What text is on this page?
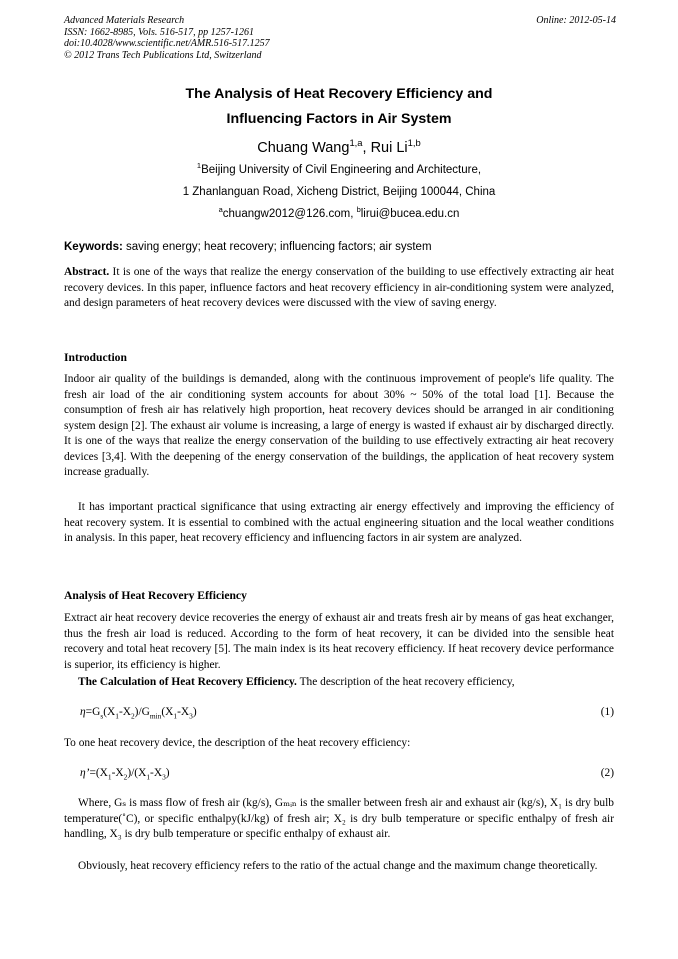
Advanced Materials Research	Online: 2012-05-14
ISSN: 1662-8985, Vols. 516-517, pp 1257-1261
doi:10.4028/www.scientific.net/AMR.516-517.1257
© 2012 Trans Tech Publications Ltd, Switzerland
The Analysis of Heat Recovery Efficiency and
Influencing Factors in Air System
Chuang Wang$^{1,a}$, Rui Li$^{1,b}$
$^1$Beijing University of Civil Engineering and Architecture,
1 Zhanlanguan Road, Xicheng District, Beijing 100044, China
$^a$chuangw2012@126.com, $^b$lirui@bucea.edu.cn
Keywords: saving energy; heat recovery; influencing factors; air system
Abstract. It is one of the ways that realize the energy conservation of the building to use effectively extracting air heat recovery devices. In this paper, influence factors and heat recovery efficiency in air-conditioning system were analyzed, and design parameters of heat recovery devices were discussed with the view of saving energy.
Introduction
Indoor air quality of the buildings is demanded, along with the continuous improvement of people's life quality. The fresh air load of the air conditioning system accounts for about 30% ~ 50% of the total load [1]. Because the consumption of fresh air has relatively high proportion, heat recovery devices should be arranged in air conditioning system design [2]. The exhaust air volume is increasing, a large of energy is wasted if exhaust air by discharged directly. It is one of the ways that realize the energy conservation of the building to use effectively extracting air heat recovery devices [3,4]. With the deepening of the energy conservation of the buildings, the application of heat recovery system increase gradually.
It has important practical significance that using extracting air energy effectively and improving the efficiency of heat recovery system. It is essential to combined with the actual engineering situation and the local weather conditions in analysis. In this paper, heat recovery efficiency and influencing factors in air system are analyzed.
Analysis of Heat Recovery Efficiency
Extract air heat recovery device recoveries the energy of exhaust air and treats fresh air by means of gas heat exchanger, thus the fresh air load is reduced. According to the form of heat recovery, it can be divided into the sensible heat recovery and total heat recovery [5]. The main index is its heat recovery efficiency. If heat recovery device performance is superior, its efficiency is higher.
The Calculation of Heat Recovery Efficiency. The description of the heat recovery efficiency,
$\eta=G_s(X_1-X_2)/G_{min}(X_1-X_3)$	(1)
To one heat recovery device, the description of the heat recovery efficiency:
$\eta’=(X_1-X_2)/(X_1-X_3)$	(2)
Where, Gₛ is mass flow of fresh air (kg/s), Gₘᵢₙ is the smaller between fresh air and exhaust air (kg/s), X₁ is dry bulb temperature(˚C), or specific enthalpy(kJ/kg) of fresh air; X₂ is dry bulb temperature or specific enthalpy of fresh air handling, X₃ is dry bulb temperature or specific enthalpy of exhaust air.
Obviously, heat recovery efficiency refers to the ratio of the actual change and the maximum change theoretically.
